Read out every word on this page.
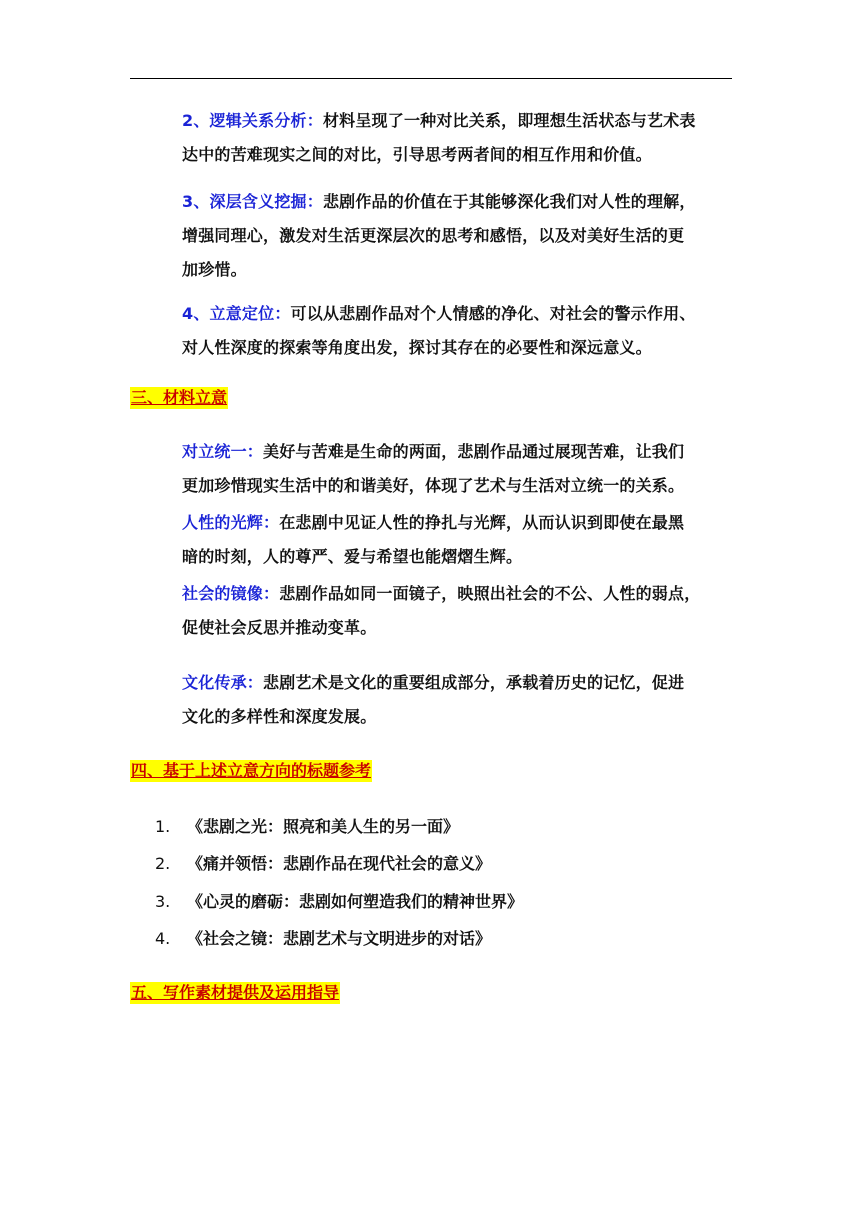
2、逻辑关系分析：材料呈现了一种对比关系，即理想生活状态与艺术表
达中的苦难现实之间的对比，引导思考两者间的相互作用和价值。
3、深层含义挖掘：悲剧作品的价值在于其能够深化我们对人性的理解，
增强同理心，激发对生活更深层次的思考和感悟，以及对美好生活的更
加珍惜。
4、立意定位：可以从悲剧作品对个人情感的净化、对社会的警示作用、
对人性深度的探索等角度出发，探讨其存在的必要性和深远意义。
三、材料立意
对立统一：美好与苦难是生命的两面，悲剧作品通过展现苦难，让我们
更加珍惜现实生活中的和谐美好，体现了艺术与生活对立统一的关系。
人性的光辉：在悲剧中见证人性的挣扎与光辉，从而认识到即使在最黑
暗的时刻，人的尊严、爱与希望也能熠熠生辉。
社会的镜像：悲剧作品如同一面镜子，映照出社会的不公、人性的弱点，
促使社会反思并推动变革。
文化传承：悲剧艺术是文化的重要组成部分，承载着历史的记忆，促进
文化的多样性和深度发展。
四、基于上述立意方向的标题参考
1. 《悲剧之光：照亮和美人生的另一面》
2. 《痛并领悟：悲剧作品在现代社会的意义》
3. 《心灵的磨砺：悲剧如何塑造我们的精神世界》
4. 《社会之镜：悲剧艺术与文明进步的对话》
五、写作素材提供及运用指导
